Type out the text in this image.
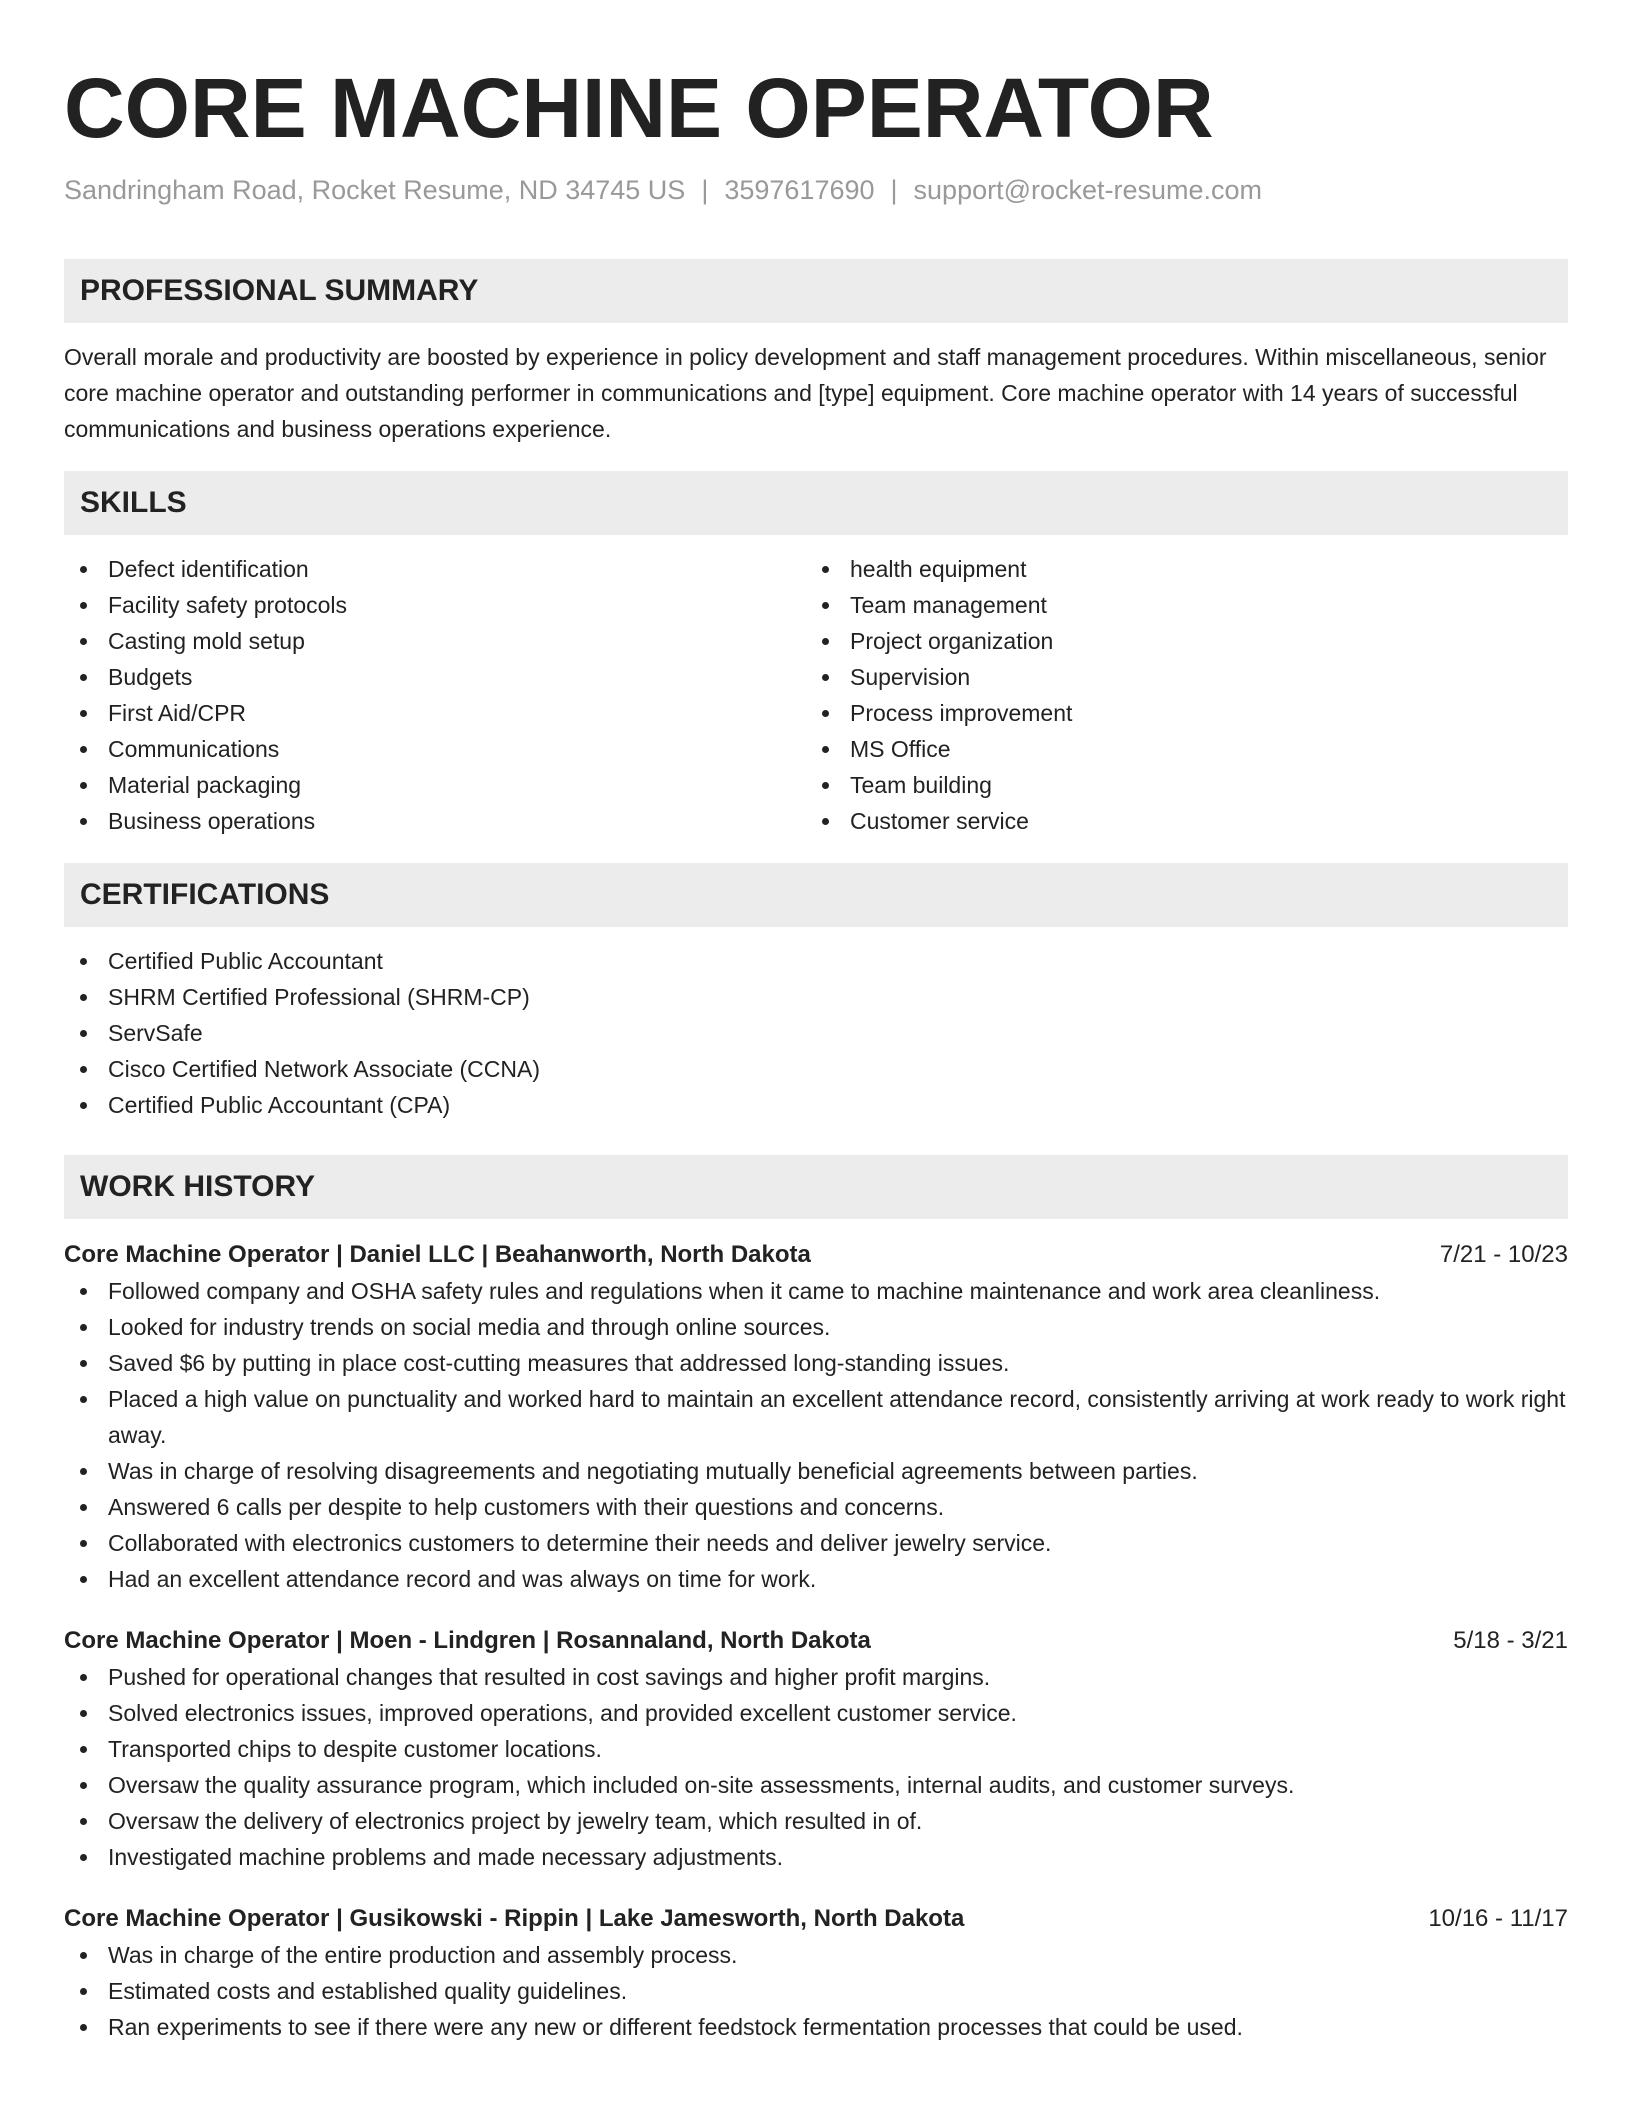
CORE MACHINE OPERATOR
Sandringham Road, Rocket Resume, ND 34745 US | 3597617690 | support@rocket-resume.com
PROFESSIONAL SUMMARY

Overall morale and productivity are boosted by experience in policy development and staff management procedures. Within miscellaneous, senior core machine operator and outstanding performer in communications and [type] equipment. Core machine operator with 14 years of successful communications and business operations experience.

SKILLS
Defect identification
Facility safety protocols
Casting mold setup
Budgets
First Aid/CPR
Communications
Material packaging
Business operations
health equipment
Team management
Project organization
Supervision
Process improvement
MS Office
Team building
Customer service
CERTIFICATIONS
Certified Public Accountant
SHRM Certified Professional (SHRM-CP)
ServSafe
Cisco Certified Network Associate (CCNA)
Certified Public Accountant (CPA)
WORK HISTORY
Core Machine Operator | Daniel LLC | Beahanworth, North Dakota	7/21 - 10/23
Followed company and OSHA safety rules and regulations when it came to machine maintenance and work area cleanliness.
Looked for industry trends on social media and through online sources.
Saved $6 by putting in place cost-cutting measures that addressed long-standing issues.
Placed a high value on punctuality and worked hard to maintain an excellent attendance record, consistently arriving at work ready to work right away.
Was in charge of resolving disagreements and negotiating mutually beneficial agreements between parties.
Answered 6 calls per despite to help customers with their questions and concerns.
Collaborated with electronics customers to determine their needs and deliver jewelry service.
Had an excellent attendance record and was always on time for work.
Core Machine Operator | Moen - Lindgren | Rosannaland, North Dakota	5/18 - 3/21
Pushed for operational changes that resulted in cost savings and higher profit margins.
Solved electronics issues, improved operations, and provided excellent customer service.
Transported chips to despite customer locations.
Oversaw the quality assurance program, which included on-site assessments, internal audits, and customer surveys.
Oversaw the delivery of electronics project by jewelry team, which resulted in of.
Investigated machine problems and made necessary adjustments.
Core Machine Operator | Gusikowski - Rippin | Lake Jamesworth, North Dakota	10/16 - 11/17
Was in charge of the entire production and assembly process.
Estimated costs and established quality guidelines.
Ran experiments to see if there were any new or different feedstock fermentation processes that could be used.
